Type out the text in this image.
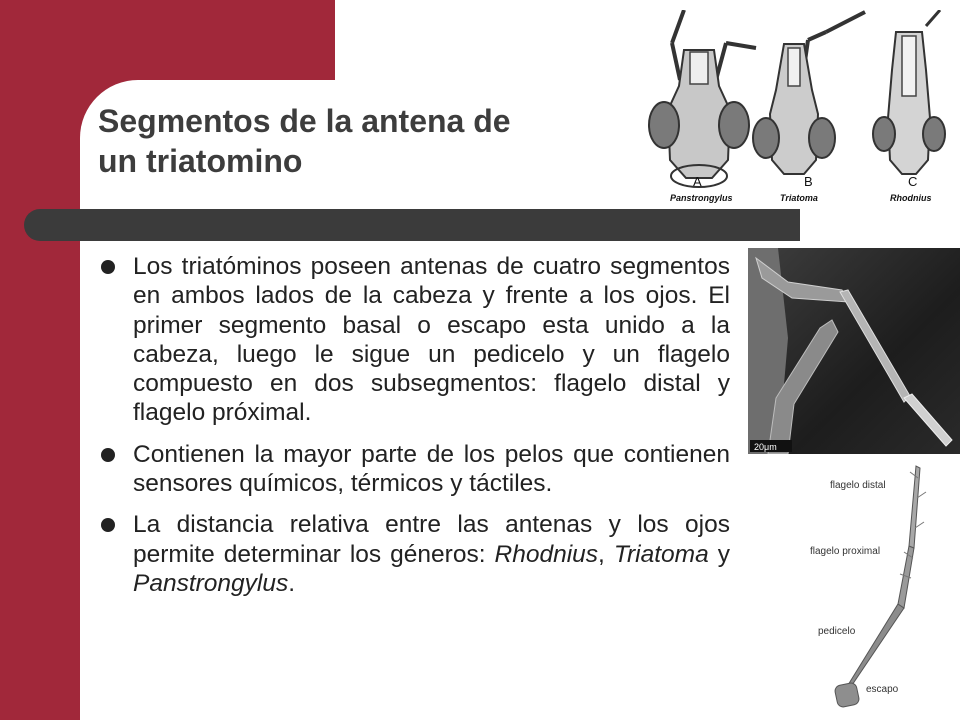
Segmentos de la antena de
un triatomino
Los triatóminos poseen antenas de cuatro segmentos en ambos lados de la cabeza y frente a los ojos. El primer segmento basal o escapo esta unido a la cabeza, luego le sigue un pedicelo y un flagelo compuesto en dos subsegmentos: flagelo distal y flagelo próximal.
Contienen la mayor parte de los pelos que contienen sensores químicos, térmicos y táctiles.
La distancia relativa entre las antenas y los ojos permite determinar los géneros: Rhodnius, Triatoma y Panstrongylus.
A	B	C
Panstrongylus	Triatoma	Rhodnius
20μm
flagelo distal
flagelo proximal
pedicelo
escapo
